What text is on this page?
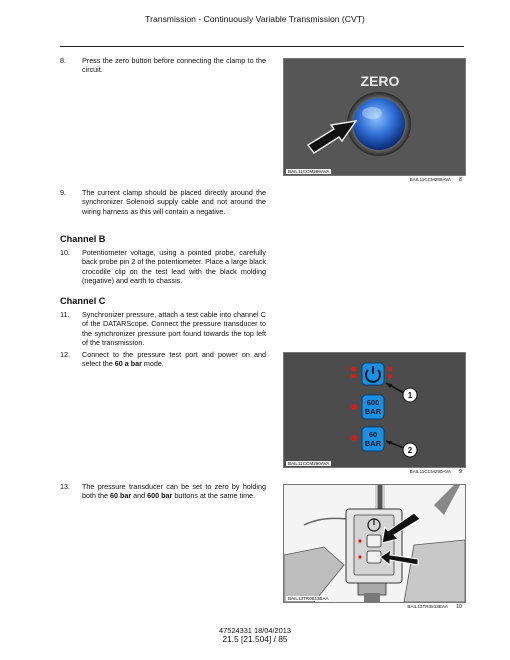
Transmission - Continuously Variable Transmission (CVT)
8. Press the zero button before connecting the clamp to the circuit.
ZERO
BAIL11CCM289AVA
BAIL11CCM289AVA 8
9. The current clamp should be placed directly around the synchronizer Solenoid supply cable and not around the wiring harness as this will contain a negative.
Channel B
10. Potentiometer voltage, using a pointed probe, carefully back probe pin 2 of the potentiometer. Place a large black crocodile clip on the test lead with the black molding (negative) and earth to chassis.
Channel C
11. Synchronizer pressure, attach a test cable into channel C of the DATARScope. Connect the pressure transducer to the synchronizer pressure port found towards the top left of the transmission.
12. Connect to the pressure test port and power on and select the 60 a bar mode.
600
BAR
60
BAR
1
2
BAIL11CCM290AVA
BAIL11CCM290AVA 9
13. The pressure transducer can be set to zero by holding both the 60 bar and 600 bar buttons at the same time.
BAIL13TR0813BAA
BAIL13TR0813BAA 10
47524331 18/04/2013
21.5 [21.504] / 85
